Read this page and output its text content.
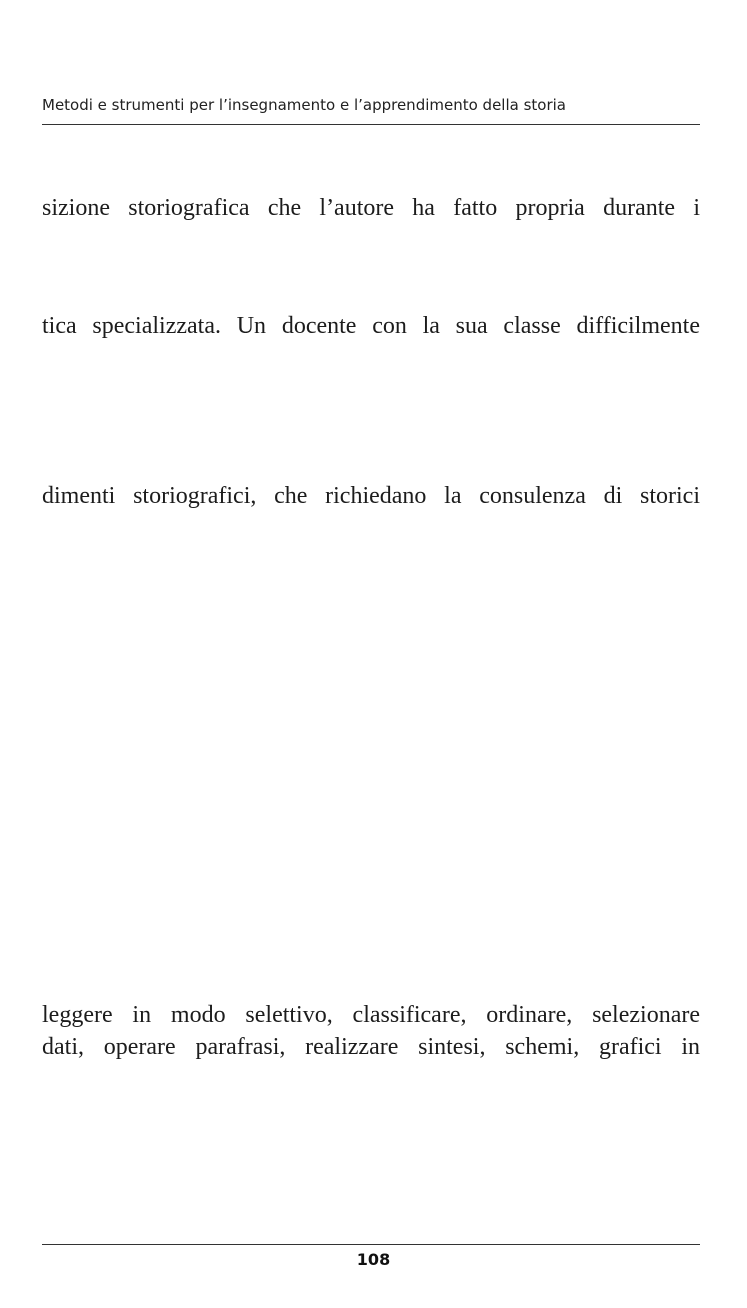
Metodi e strumenti per l’insegnamento e l’apprendimento della storia
sizione storiografica che l’autore ha fatto propria durante i
tica specializzata. Un docente con la sua classe difficilmente
dimenti storiografici, che richiedano la consulenza di storici
leggere in modo selettivo, classificare, ordinare, selezionare
dati, operare parafrasi, realizzare sintesi, schemi, grafici in
108
